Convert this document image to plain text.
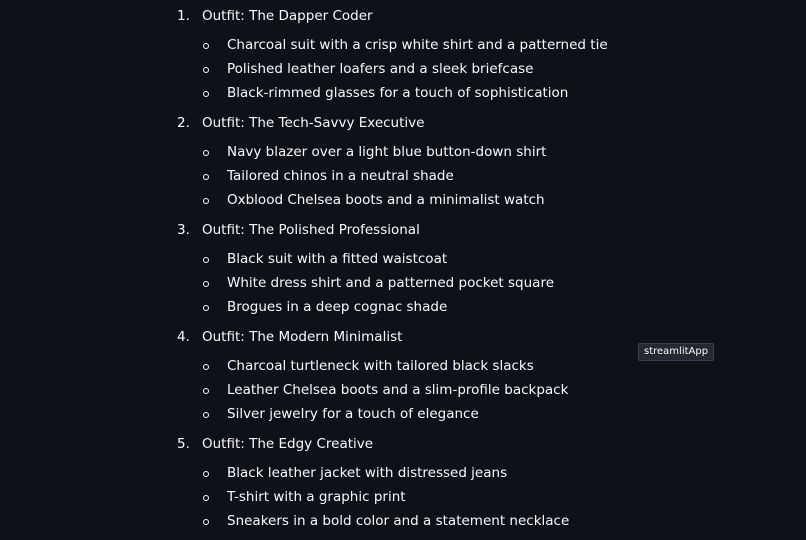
1. Outfit: The Dapper Coder
Charcoal suit with a crisp white shirt and a patterned tie
Polished leather loafers and a sleek briefcase
Black-rimmed glasses for a touch of sophistication
2. Outfit: The Tech-Savvy Executive
Navy blazer over a light blue button-down shirt
Tailored chinos in a neutral shade
Oxblood Chelsea boots and a minimalist watch
3. Outfit: The Polished Professional
Black suit with a fitted waistcoat
White dress shirt and a patterned pocket square
Brogues in a deep cognac shade
4. Outfit: The Modern Minimalist
Charcoal turtleneck with tailored black slacks
Leather Chelsea boots and a slim-profile backpack
Silver jewelry for a touch of elegance
5. Outfit: The Edgy Creative
Black leather jacket with distressed jeans
T-shirt with a graphic print
Sneakers in a bold color and a statement necklace
streamlitApp
